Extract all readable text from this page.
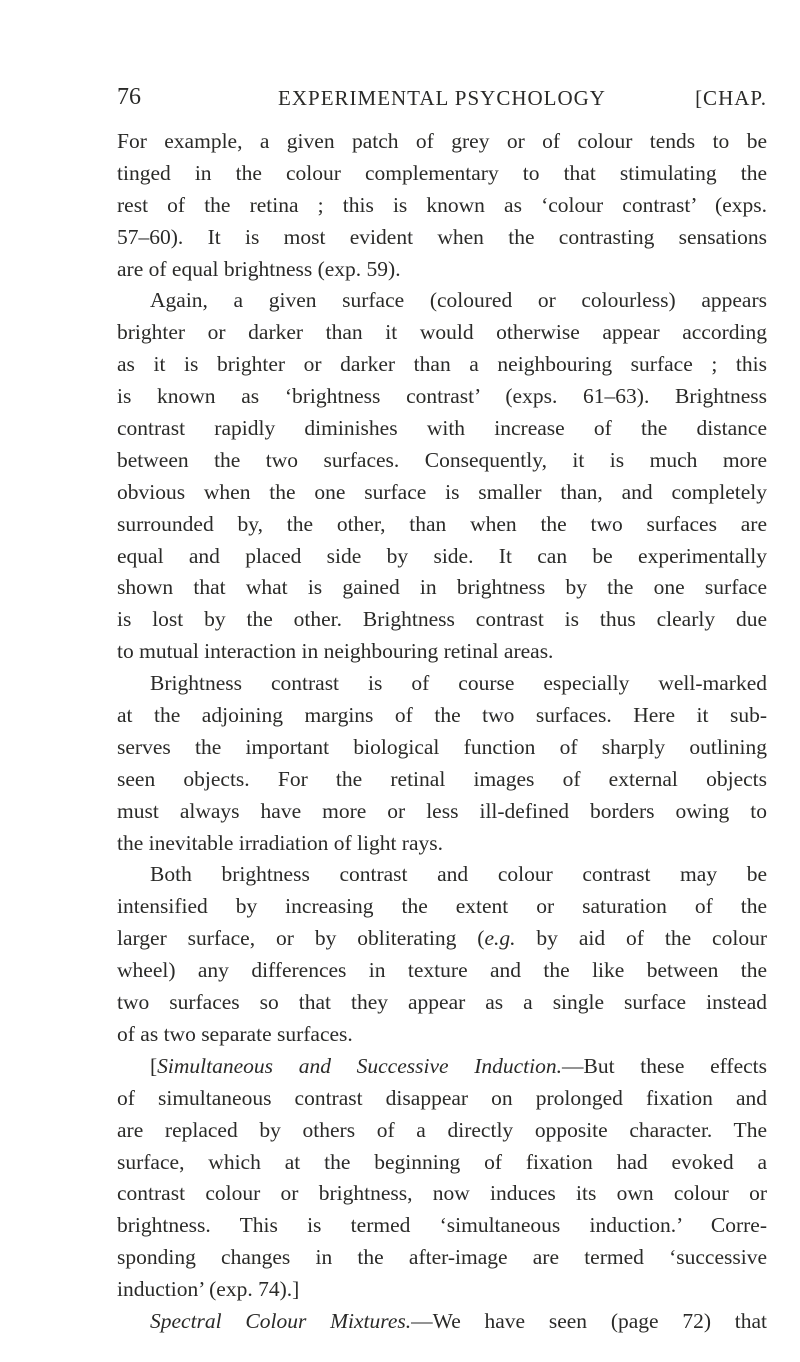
76	EXPERIMENTAL PSYCHOLOGY	[CHAP.
For example, a given patch of grey or of colour tends to be
tinged in the colour complementary to that stimulating the
rest of the retina ; this is known as ‘colour contrast’ (exps.
57–60). It is most evident when the contrasting sensations
are of equal brightness (exp. 59).
Again, a given surface (coloured or colourless) appears
brighter or darker than it would otherwise appear according
as it is brighter or darker than a neighbouring surface ; this
is known as ‘brightness contrast’ (exps. 61–63). Brightness
contrast rapidly diminishes with increase of the distance
between the two surfaces. Consequently, it is much more
obvious when the one surface is smaller than, and completely
surrounded by, the other, than when the two surfaces are
equal and placed side by side. It can be experimentally
shown that what is gained in brightness by the one surface
is lost by the other. Brightness contrast is thus clearly due
to mutual interaction in neighbouring retinal areas.
Brightness contrast is of course especially well-marked
at the adjoining margins of the two surfaces. Here it sub-
serves the important biological function of sharply outlining
seen objects. For the retinal images of external objects
must always have more or less ill-defined borders owing to
the inevitable irradiation of light rays.
Both brightness contrast and colour contrast may be
intensified by increasing the extent or saturation of the
larger surface, or by obliterating (e.g. by aid of the colour
wheel) any differences in texture and the like between the
two surfaces so that they appear as a single surface instead
of as two separate surfaces.
[Simultaneous and Successive Induction.—But these effects
of simultaneous contrast disappear on prolonged fixation and
are replaced by others of a directly opposite character. The
surface, which at the beginning of fixation had evoked a
contrast colour or brightness, now induces its own colour or
brightness. This is termed ‘simultaneous induction.’ Corre-
sponding changes in the after-image are termed ‘successive
induction’ (exp. 74).]
Spectral Colour Mixtures.—We have seen (page 72) that
